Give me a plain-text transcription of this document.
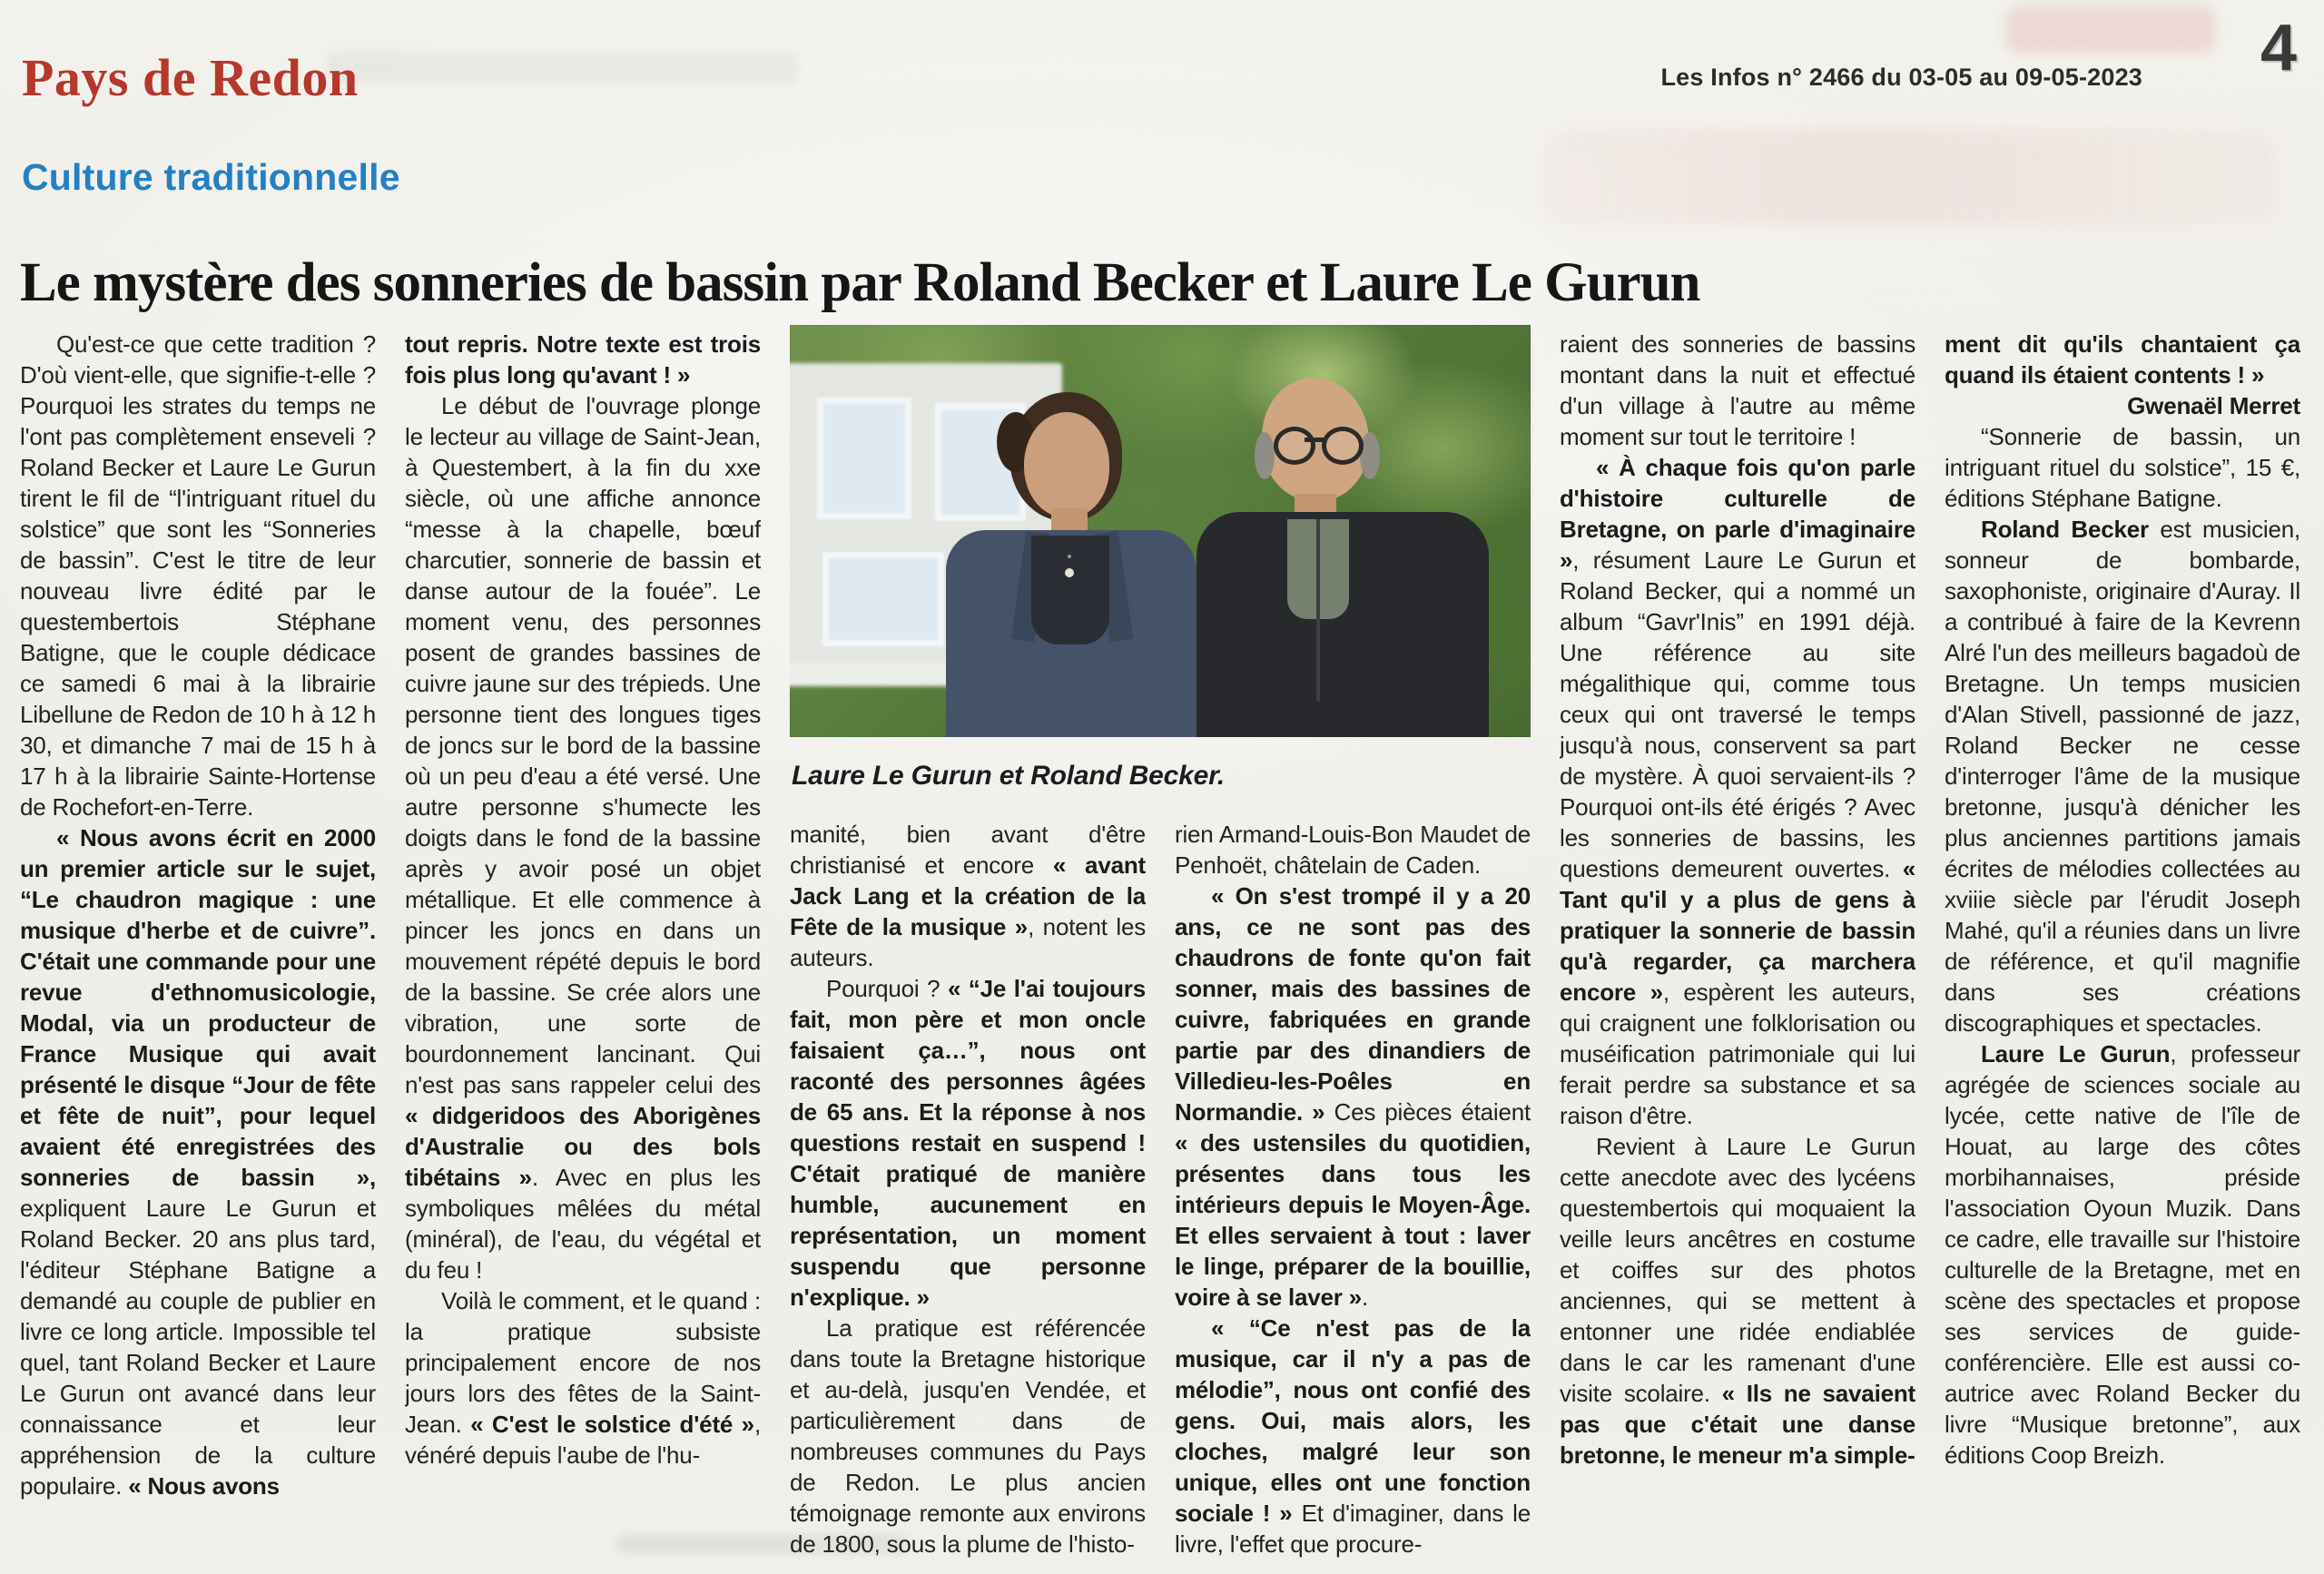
Pays de Redon	Les Infos n° 2466 du 03-05 au 09-05-2023 4
Culture traditionnelle
Le mystère des sonneries de bassin par Roland Becker et Laure Le Gurun

Qu'est-ce que cette tradition ? D'où vient-elle, que signifie-t-elle ? Pourquoi les strates du temps ne l'ont pas complètement enseveli ? Roland Becker et Laure Le Gurun tirent le fil de “l'intriguant rituel du solstice” que sont les “Sonneries de bassin”. C'est le titre de leur nouveau livre édité par le questembertois Stéphane Batigne, que le couple dédicace ce samedi 6 mai à la librairie Libellune de Redon de 10 h à 12 h 30, et dimanche 7 mai de 15 h à 17 h à la librairie Sainte-Hortense de Rochefort-en-Terre.

« Nous avons écrit en 2000 un premier article sur le sujet, “Le chaudron magique : une musique d'herbe et de cuivre”. C'était une commande pour une revue d'ethnomusicologie, Modal, via un producteur de France Musique qui avait présenté le disque “Jour de fête et fête de nuit”, pour lequel avaient été enregistrées des sonneries de bassin », expliquent Laure Le Gurun et Roland Becker. 20 ans plus tard, l'éditeur Stéphane Batigne a demandé au couple de publier en livre ce long article. Impossible tel quel, tant Roland Becker et Laure Le Gurun ont avancé dans leur connaissance et leur appréhension de la culture populaire. « Nous avons

tout repris. Notre texte est trois fois plus long qu'avant ! »

Le début de l'ouvrage plonge le lecteur au village de Saint-Jean, à Questembert, à la fin du xxe siècle, où une affiche annonce “messe à la chapelle, bœuf charcutier, sonnerie de bassin et danse autour de la fouée”. Le moment venu, des personnes posent de grandes bassines de cuivre jaune sur des trépieds. Une personne tient des longues tiges de joncs sur le bord de la bassine où un peu d'eau a été versé. Une autre personne s'humecte les doigts dans le fond de la bassine après y avoir posé un objet métallique. Et elle commence à pincer les joncs en dans un mouvement répété depuis le bord de la bassine. Se crée alors une vibration, une sorte de bourdonnement lancinant. Qui n'est pas sans rappeler celui des « didgeridoos des Aborigènes d'Australie ou des bols tibétains ». Avec en plus les symboliques mêlées du métal (minéral), de l'eau, du végétal et du feu !

Voilà le comment, et le quand : la pratique subsiste principalement encore de nos jours lors des fêtes de la Saint-Jean. « C'est le solstice d'été », vénéré depuis l'aube de l'hu-

manité, bien avant d'être christianisé et encore « avant Jack Lang et la création de la Fête de la musique », notent les auteurs.

Pourquoi ? « “Je l'ai toujours fait, mon père et mon oncle faisaient ça…”, nous ont raconté des personnes âgées de 65 ans. Et la réponse à nos questions restait en suspend ! C'était pratiqué de manière humble, aucunement en représentation, un moment suspendu que personne n'explique. »

La pratique est référencée dans toute la Bretagne historique et au-delà, jusqu'en Vendée, et particulièrement dans de nombreuses communes du Pays de Redon. Le plus ancien témoignage remonte aux environs de 1800, sous la plume de l'histo-

rien Armand-Louis-Bon Maudet de Penhoët, châtelain de Caden.

« On s'est trompé il y a 20 ans, ce ne sont pas des chaudrons de fonte qu'on fait sonner, mais des bassines de cuivre, fabriquées en grande partie par des dinandiers de Villedieu-les-Poêles en Normandie. » Ces pièces étaient « des ustensiles du quotidien, présentes dans tous les intérieurs depuis le Moyen-Âge. Et elles servaient à tout : laver le linge, préparer de la bouillie, voire à se laver ».

« “Ce n'est pas de la musique, car il n'y a pas de mélodie”, nous ont confié des gens. Oui, mais alors, les cloches, malgré leur son unique, elles ont une fonction sociale ! » Et d'imaginer, dans le livre, l'effet que procure-

raient des sonneries de bassins montant dans la nuit et effectué d'un village à l'autre au même moment sur tout le territoire !

« À chaque fois qu'on parle d'histoire culturelle de Bretagne, on parle d'imaginaire », résument Laure Le Gurun et Roland Becker, qui a nommé un album “Gavr'Inis” en 1991 déjà. Une référence au site mégalithique qui, comme tous ceux qui ont traversé le temps jusqu'à nous, conservent sa part de mystère. À quoi servaient-ils ? Pourquoi ont-ils été érigés ? Avec les sonneries de bassins, les questions demeurent ouvertes. « Tant qu'il y a plus de gens à pratiquer la sonnerie de bassin qu'à regarder, ça marchera encore », espèrent les auteurs, qui craignent une folklorisation ou muséification patrimoniale qui lui ferait perdre sa substance et sa raison d'être.

Revient à Laure Le Gurun cette anecdote avec des lycéens questembertois qui moquaient la veille leurs ancêtres en costume et coiffes sur des photos anciennes, qui se mettent à entonner une ridée endiablée dans le car les ramenant d'une visite scolaire. « Ils ne savaient pas que c'était une danse bretonne, le meneur m'a simple-

ment dit qu'ils chantaient ça quand ils étaient contents ! »

Gwenaël Merret

“Sonnerie de bassin, un intriguant rituel du solstice”, 15 €, éditions Stéphane Batigne.

Roland Becker est musicien, sonneur de bombarde, saxophoniste, originaire d'Auray. Il a contribué à faire de la Kevrenn Alré l'un des meilleurs bagadoù de Bretagne. Un temps musicien d'Alan Stivell, passionné de jazz, Roland Becker ne cesse d'interroger l'âme de la musique bretonne, jusqu'à dénicher les plus anciennes partitions jamais écrites de mélodies collectées au xviiie siècle par l'érudit Joseph Mahé, qu'il a réunies dans un livre de référence, et qu'il magnifie dans ses créations discographiques et spectacles.

Laure Le Gurun, professeur agrégée de sciences sociale au lycée, cette native de l'île de Houat, au large des côtes morbihannaises, préside l'association Oyoun Muzik. Dans ce cadre, elle travaille sur l'histoire culturelle de la Bretagne, met en scène des spectacles et propose ses services de guide-conférencière. Elle est aussi co-autrice avec Roland Becker du livre “Musique bretonne”, aux éditions Coop Breizh.

Laure Le Gurun et Roland Becker.
